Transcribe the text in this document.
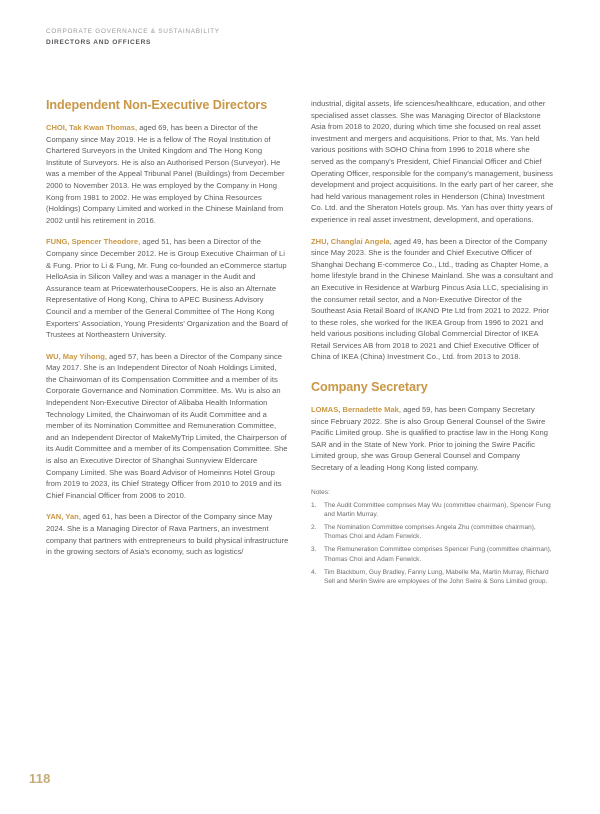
CORPORATE GOVERNANCE & SUSTAINABILITY
DIRECTORS AND OFFICERS
Independent Non-Executive Directors

CHOI, Tak Kwan Thomas, aged 69, has been a Director of the Company since May 2019. He is a fellow of The Royal Institution of Chartered Surveyors in the United Kingdom and The Hong Kong Institute of Surveyors. He is also an Authorised Person (Surveyor). He was a member of the Appeal Tribunal Panel (Buildings) from December 2000 to November 2013. He was employed by the Company in Hong Kong from 1981 to 2002. He was employed by China Resources (Holdings) Company Limited and worked in the Chinese Mainland from 2002 until his retirement in 2016.

FUNG, Spencer Theodore, aged 51, has been a Director of the Company since December 2012. He is Group Executive Chairman of Li & Fung. Prior to Li & Fung, Mr. Fung co-founded an eCommerce startup HelloAsia in Silicon Valley and was a manager in the Audit and Assurance team at PricewaterhouseCoopers. He is also an Alternate Representative of Hong Kong, China to APEC Business Advisory Council and a member of the General Committee of The Hong Kong Exporters' Association, Young Presidents' Organization and the Board of Trustees at Northeastern University.

WU, May Yihong, aged 57, has been a Director of the Company since May 2017. She is an Independent Director of Noah Holdings Limited, the Chairwoman of its Compensation Committee and a member of its Corporate Governance and Nomination Committee. Ms. Wu is also an Independent Non-Executive Director of Alibaba Health Information Technology Limited, the Chairwoman of its Audit Committee and a member of its Nomination Committee and Remuneration Committee, and an Independent Director of MakeMyTrip Limited, the Chairperson of its Audit Committee and a member of its Compensation Committee. She is also an Executive Director of Shanghai Sunnyview Eldercare Company Limited. She was Board Advisor of Homeinns Hotel Group from 2019 to 2023, its Chief Strategy Officer from 2010 to 2019 and its Chief Financial Officer from 2006 to 2010.

YAN, Yan, aged 61, has been a Director of the Company since May 2024. She is a Managing Director of Rava Partners, an investment company that partners with entrepreneurs to build physical infrastructure in the growing sectors of Asia's economy, such as logistics/

industrial, digital assets, life sciences/healthcare, education, and other specialised asset classes. She was Managing Director of Blackstone Asia from 2018 to 2020, during which time she focused on real asset investment and mergers and acquisitions. Prior to that, Ms. Yan held various positions with SOHO China from 1996 to 2018 where she served as the company's President, Chief Financial Officer and Chief Operating Officer, responsible for the company's management, business development and project acquisitions. In the early part of her career, she had held various management roles in Henderson (China) Investment Co. Ltd. and the Sheraton Hotels group. Ms. Yan has over thirty years of experience in real asset investment, development, and operations.

ZHU, Changlai Angela, aged 49, has been a Director of the Company since May 2023. She is the founder and Chief Executive Officer of Shanghai Dechang E-commerce Co., Ltd., trading as Chapter Home, a home lifestyle brand in the Chinese Mainland. She was a consultant and an Executive in Residence at Warburg Pincus Asia LLC, specialising in the consumer retail sector, and a Non-Executive Director of the Southeast Asia Retail Board of IKANO Pte Ltd from 2021 to 2022. Prior to these roles, she worked for the IKEA Group from 1996 to 2021 and held various positions including Global Commercial Director of IKEA Retail Services AB from 2018 to 2021 and Chief Executive Officer of China of IKEA (China) Investment Co., Ltd. from 2013 to 2018.

Company Secretary

LOMAS, Bernadette Mak, aged 59, has been Company Secretary since February 2022. She is also Group General Counsel of the Swire Pacific Limited group. She is qualified to practise law in the Hong Kong SAR and in the State of New York. Prior to joining the Swire Pacific Limited group, she was Group General Counsel and Company Secretary of a leading Hong Kong listed company.

Notes:
1.	The Audit Committee comprises May Wu (committee chairman), Spencer Fung and Martin Murray.
2.	The Nomination Committee comprises Angela Zhu (committee chairman), Thomas Choi and Adam Fenwick.
3.	The Remuneration Committee comprises Spencer Fung (committee chairman), Thomas Choi and Adam Fenwick.
4.	Tim Blackburn, Guy Bradley, Fanny Lung, Mabelle Ma, Martin Murray, Richard Sell and Merlin Swire are employees of the John Swire & Sons Limited group.
118
